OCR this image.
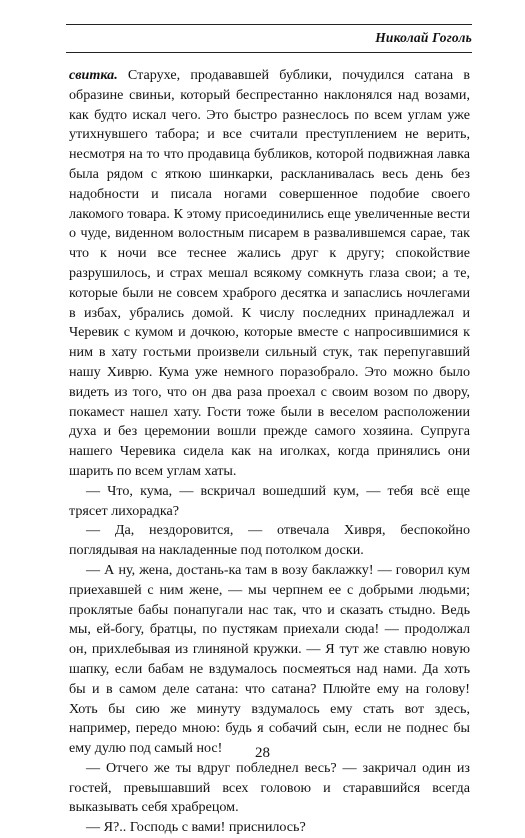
Николай Гоголь

свитка. Старухе, продававшей бублики, почудился сатана в образине свиньи, который беспрестанно наклонялся над возами, как будто искал чего. Это быстро разнеслось по всем углам уже утихнувшего табора; и все считали преступлением не верить, несмотря на то что продавица бубликов, которой подвижная лавка была рядом с яткою шинкарки, раскланивалась весь день без надобности и писала ногами совершенное подобие своего лакомого товара. К этому присоединились еще увеличенные вести о чуде, виденном волостным писарем в развалившемся сарае, так что к ночи все теснее жались друг к другу; спокойствие разрушилось, и страх мешал всякому сомкнуть глаза свои; а те, которые были не совсем храброго десятка и запаслись ночлегами в избах, убрались домой. К числу последних принадлежал и Черевик с кумом и дочкою, которые вместе с напросившимися к ним в хату гостьми произвели сильный стук, так перепугавший нашу Хиврю. Кума уже немного поразобрало. Это можно было видеть из того, что он два раза проехал с своим возом по двору, покамест нашел хату. Гости тоже были в веселом расположении духа и без церемонии вошли прежде самого хозяина. Супруга нашего Черевика сидела как на иголках, когда принялись они шарить по всем углам хаты.

— Что, кума, — вскричал вошедший кум, — тебя всё еще трясет лихорадка?

— Да, нездоровится, — отвечала Хивря, беспокойно поглядывая на накладенные под потолком доски.

— А ну, жена, достань-ка там в возу баклажку! — говорил кум приехавшей с ним жене, — мы черпнем ее с добрыми людьми; проклятые бабы понапугали нас так, что и сказать стыдно. Ведь мы, ей-богу, братцы, по пустякам приехали сюда! — продолжал он, прихлебывая из глиняной кружки. — Я тут же ставлю новую шапку, если бабам не вздумалось посмеяться над нами. Да хоть бы и в самом деле сатана: что сатана? Плюйте ему на голову! Хоть бы сию же минуту вздумалось ему стать вот здесь, например, передо мною: будь я собачий сын, если не поднес бы ему дулю под самый нос!

— Отчего же ты вдруг побледнел весь? — закричал один из гостей, превышавший всех головою и старавшийся всегда выказывать себя храбрецом.

— Я?.. Господь с вами! приснилось?

28
